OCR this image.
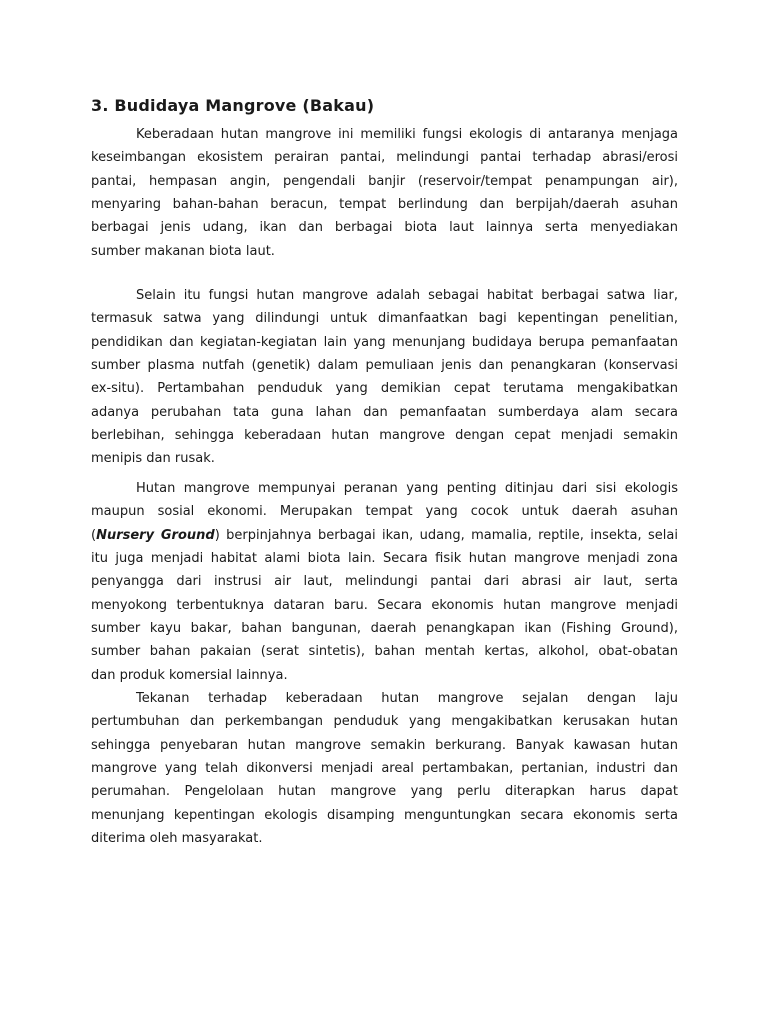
3. Budidaya Mangrove (Bakau)
Keberadaan hutan mangrove ini memiliki fungsi ekologis di antaranya menjaga
keseimbangan ekosistem perairan pantai, melindungi pantai terhadap abrasi/erosi
pantai, hempasan angin, pengendali banjir (reservoir/tempat penampungan air),
menyaring bahan-bahan beracun, tempat berlindung dan berpijah/daerah asuhan
berbagai jenis udang, ikan dan berbagai biota laut lainnya serta menyediakan
sumber makanan biota laut.
Selain itu fungsi hutan mangrove adalah sebagai habitat berbagai satwa liar,
termasuk satwa yang dilindungi untuk dimanfaatkan bagi kepentingan penelitian,
pendidikan dan kegiatan-kegiatan lain yang menunjang budidaya berupa pemanfaatan
sumber plasma nutfah (genetik) dalam pemuliaan jenis dan penangkaran (konservasi
ex-situ). Pertambahan penduduk yang demikian cepat terutama mengakibatkan
adanya perubahan tata guna lahan dan pemanfaatan sumberdaya alam secara
berlebihan, sehingga keberadaan hutan mangrove dengan cepat menjadi semakin
menipis dan rusak.
Hutan mangrove mempunyai peranan yang penting ditinjau dari sisi ekologis
maupun sosial ekonomi. Merupakan tempat yang cocok untuk daerah asuhan
(Nursery Ground) berpinjahnya berbagai ikan, udang, mamalia, reptile, insekta, selai
itu juga menjadi habitat alami biota lain. Secara fisik hutan mangrove menjadi zona
penyangga dari instrusi air laut, melindungi pantai dari abrasi air laut, serta
menyokong terbentuknya dataran baru. Secara ekonomis hutan mangrove menjadi
sumber kayu bakar, bahan bangunan, daerah penangkapan ikan (Fishing Ground),
sumber bahan pakaian (serat sintetis), bahan mentah kertas, alkohol, obat-obatan
dan produk komersial lainnya.
Tekanan terhadap keberadaan hutan mangrove sejalan dengan laju
pertumbuhan dan perkembangan penduduk yang mengakibatkan kerusakan hutan
sehingga penyebaran hutan mangrove semakin berkurang. Banyak kawasan hutan
mangrove yang telah dikonversi menjadi areal pertambakan, pertanian, industri dan
perumahan. Pengelolaan hutan mangrove yang perlu diterapkan harus dapat
menunjang kepentingan ekologis disamping menguntungkan secara ekonomis serta
diterima oleh masyarakat.
